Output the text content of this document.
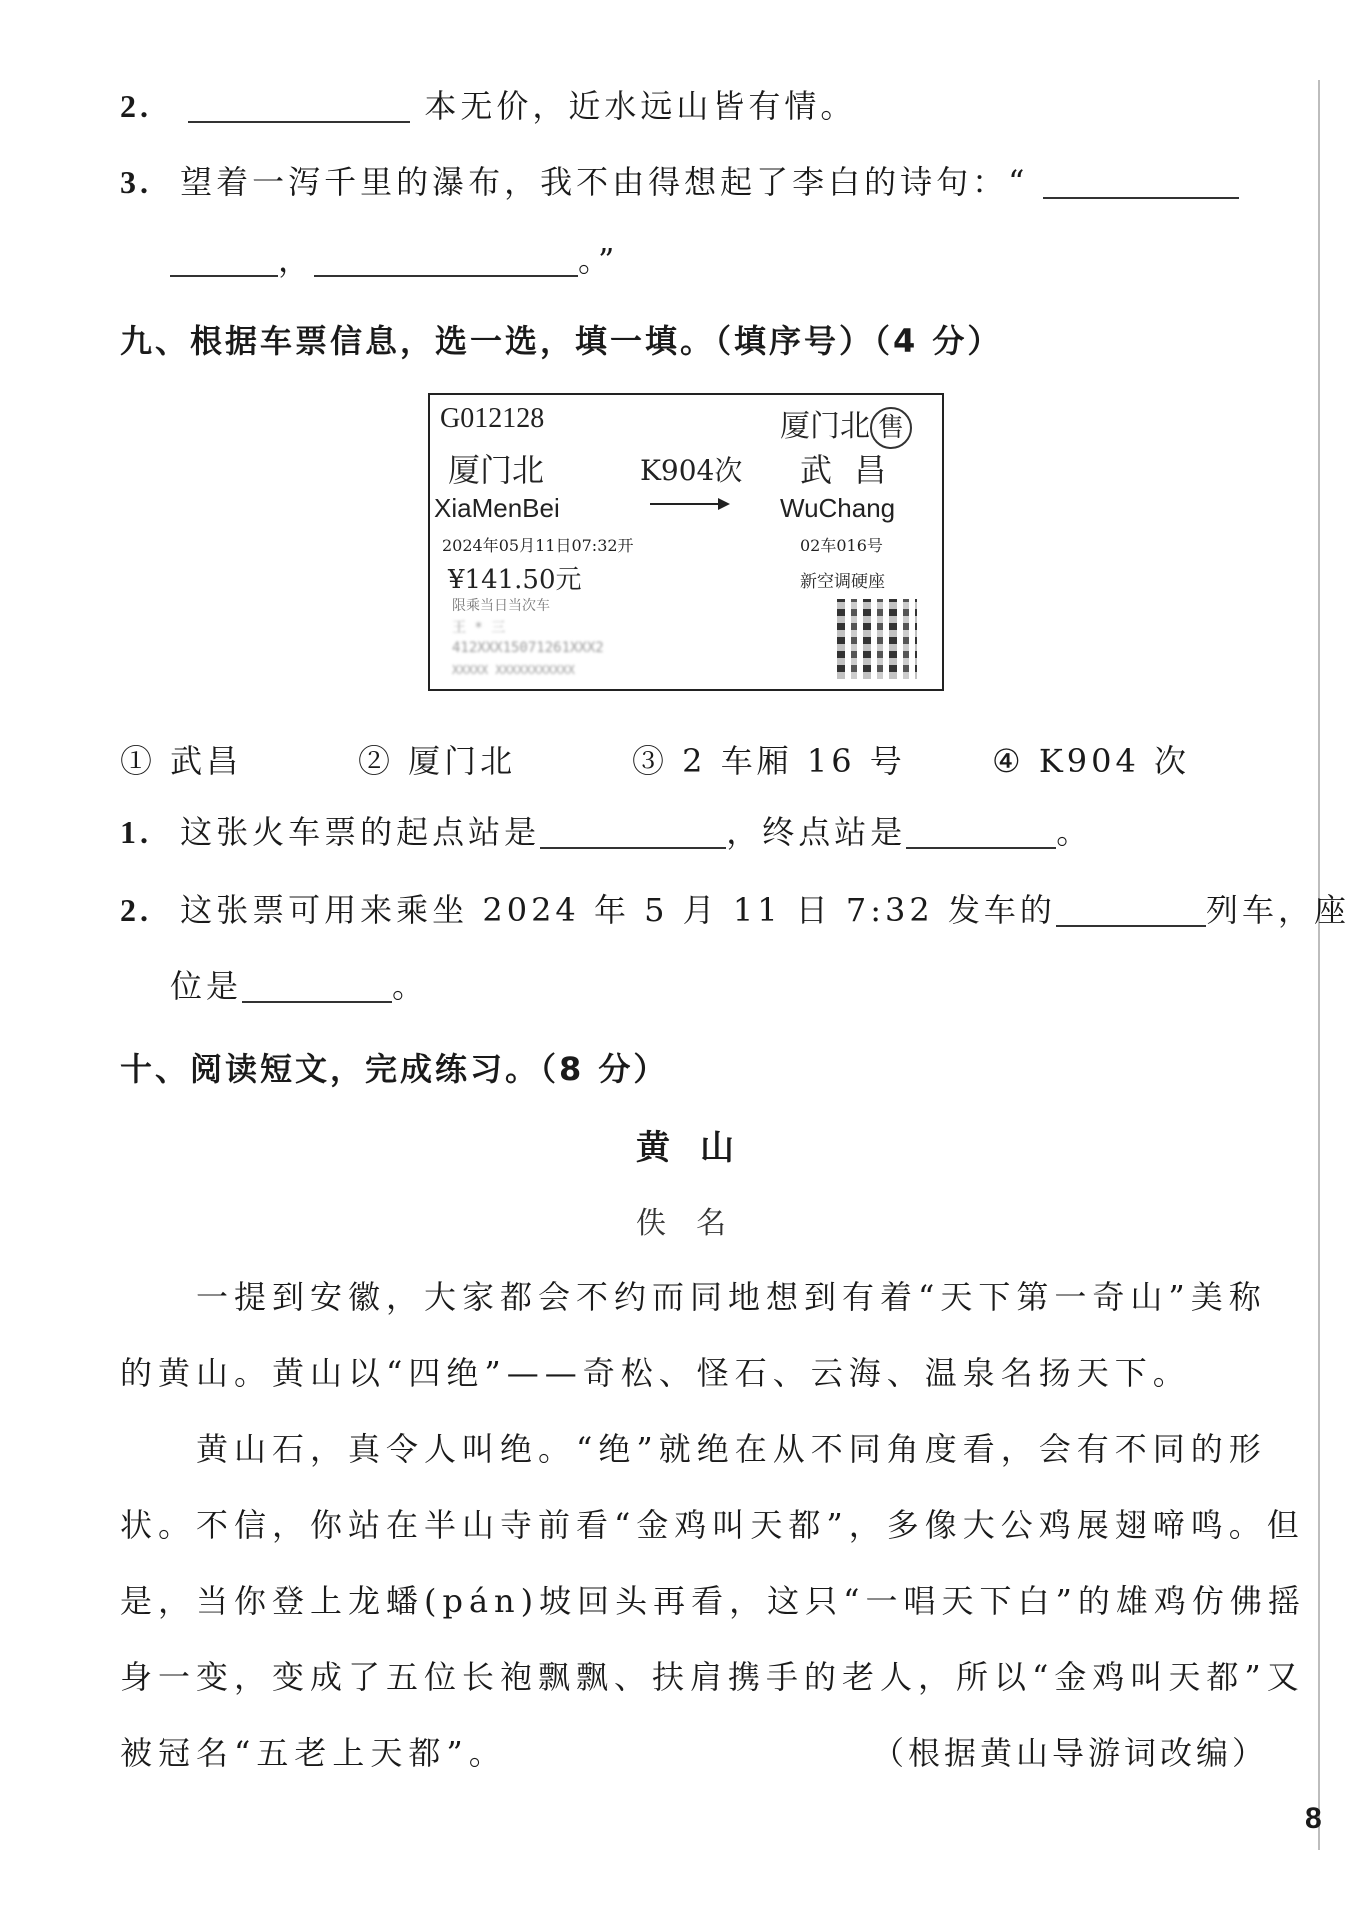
2.	本无价，近水远山皆有情。
3. 望着一泻千里的瀑布，我不由得想起了李白的诗句：“
，	。”
九、根据车票信息，选一选，填一填。（填序号）（4 分）
G012128	厦门北 售
厦门北	K904次 武 昌
XiaMenBei	WuChang
2024年05月11日07:32开	02车016号
¥141.50元	新空调硬座
限乘当日当次车
王 * 三
412XXX15071261XXX2
XXXXX XXXXXXXXXXX
① 武昌	② 厦门北	③ 2 车厢 16 号	④ K904 次
1. 这张火车票的起点站是	，终点站是	。
2. 这张票可用来乘坐 2024 年 5 月 11 日 7:32 发车的	列车，座
位是	。
十、阅读短文，完成练习。（8 分）
黄山
佚名
一提到安徽，大家都会不约而同地想到有着“天下第一奇山”美称
的黄山。黄山以“四绝”——奇松、怪石、云海、温泉名扬天下。
黄山石，真令人叫绝。“绝”就绝在从不同角度看，会有不同的形
状。不信，你站在半山寺前看“金鸡叫天都”，多像大公鸡展翅啼鸣。但
是，当你登上龙蟠(pán)坡回头再看，这只“一唱天下白”的雄鸡仿佛摇
身一变，变成了五位长袍飘飘、扶肩携手的老人，所以“金鸡叫天都”又
被冠名“五老上天都”。	（根据黄山导游词改编）
8
